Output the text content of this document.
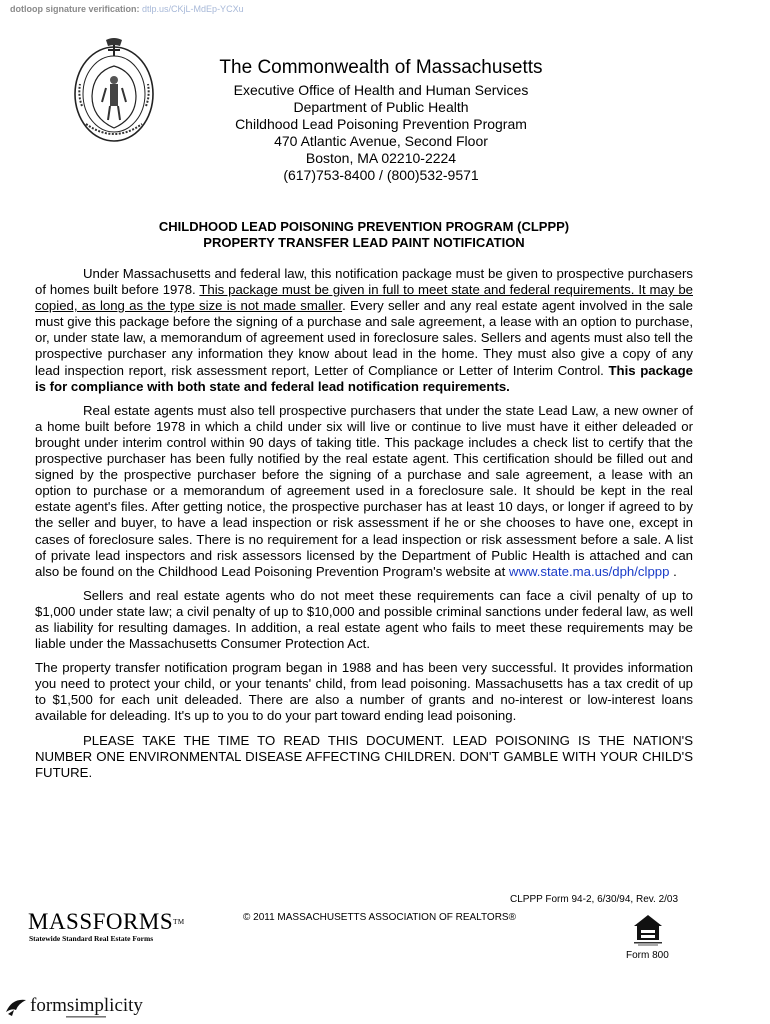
dotloop signature verification: dtlp.us/CKjL-MdEp-YCXu
The Commonwealth of Massachusetts
Executive Office of Health and Human Services
Department of Public Health
Childhood Lead Poisoning Prevention Program
470 Atlantic Avenue, Second Floor
Boston, MA 02210-2224
(617)753-8400 / (800)532-9571
CHILDHOOD LEAD POISONING PREVENTION PROGRAM (CLPPP)
PROPERTY TRANSFER LEAD PAINT NOTIFICATION

Under Massachusetts and federal law, this notification package must be given to prospective purchasers of homes built before 1978. This package must be given in full to meet state and federal requirements. It may be copied, as long as the type size is not made smaller. Every seller and any real estate agent involved in the sale must give this package before the signing of a purchase and sale agreement, a lease with an option to purchase, or, under state law, a memorandum of agreement used in foreclosure sales. Sellers and agents must also tell the prospective purchaser any information they know about lead in the home. They must also give a copy of any lead inspection report, risk assessment report, Letter of Compliance or Letter of Interim Control. This package is for compliance with both state and federal lead notification requirements.

Real estate agents must also tell prospective purchasers that under the state Lead Law, a new owner of a home built before 1978 in which a child under six will live or continue to live must have it either deleaded or brought under interim control within 90 days of taking title. This package includes a check list to certify that the prospective purchaser has been fully notified by the real estate agent. This certification should be filled out and signed by the prospective purchaser before the signing of a purchase and sale agreement, a lease with an option to purchase or a memorandum of agreement used in a foreclosure sale. It should be kept in the real estate agent's files. After getting notice, the prospective purchaser has at least 10 days, or longer if agreed to by the seller and buyer, to have a lead inspection or risk assessment if he or she chooses to have one, except in cases of foreclosure sales. There is no requirement for a lead inspection or risk assessment before a sale. A list of private lead inspectors and risk assessors licensed by the Department of Public Health is attached and can also be found on the Childhood Lead Poisoning Prevention Program's website at www.state.ma.us/dph/clppp .

Sellers and real estate agents who do not meet these requirements can face a civil penalty of up to $1,000 under state law; a civil penalty of up to $10,000 and possible criminal sanctions under federal law, as well as liability for resulting damages. In addition, a real estate agent who fails to meet these requirements may be liable under the Massachusetts Consumer Protection Act.

The property transfer notification program began in 1988 and has been very successful. It provides information you need to protect your child, or your tenants' child, from lead poisoning. Massachusetts has a tax credit of up to $1,500 for each unit deleaded. There are also a number of grants and no-interest or low-interest loans available for deleading. It's up to you to do your part toward ending lead poisoning.

PLEASE TAKE THE TIME TO READ THIS DOCUMENT. LEAD POISONING IS THE NATION'S NUMBER ONE ENVIRONMENTAL DISEASE AFFECTING CHILDREN. DON'T GAMBLE WITH YOUR CHILD'S FUTURE.

CLPPP Form 94-2, 6/30/94, Rev. 2/03
© 2011 MASSACHUSETTS ASSOCIATION OF REALTORS®
MASSFORMS™
Statewide Standard Real Estate Forms
Form 800
formsimplicity
